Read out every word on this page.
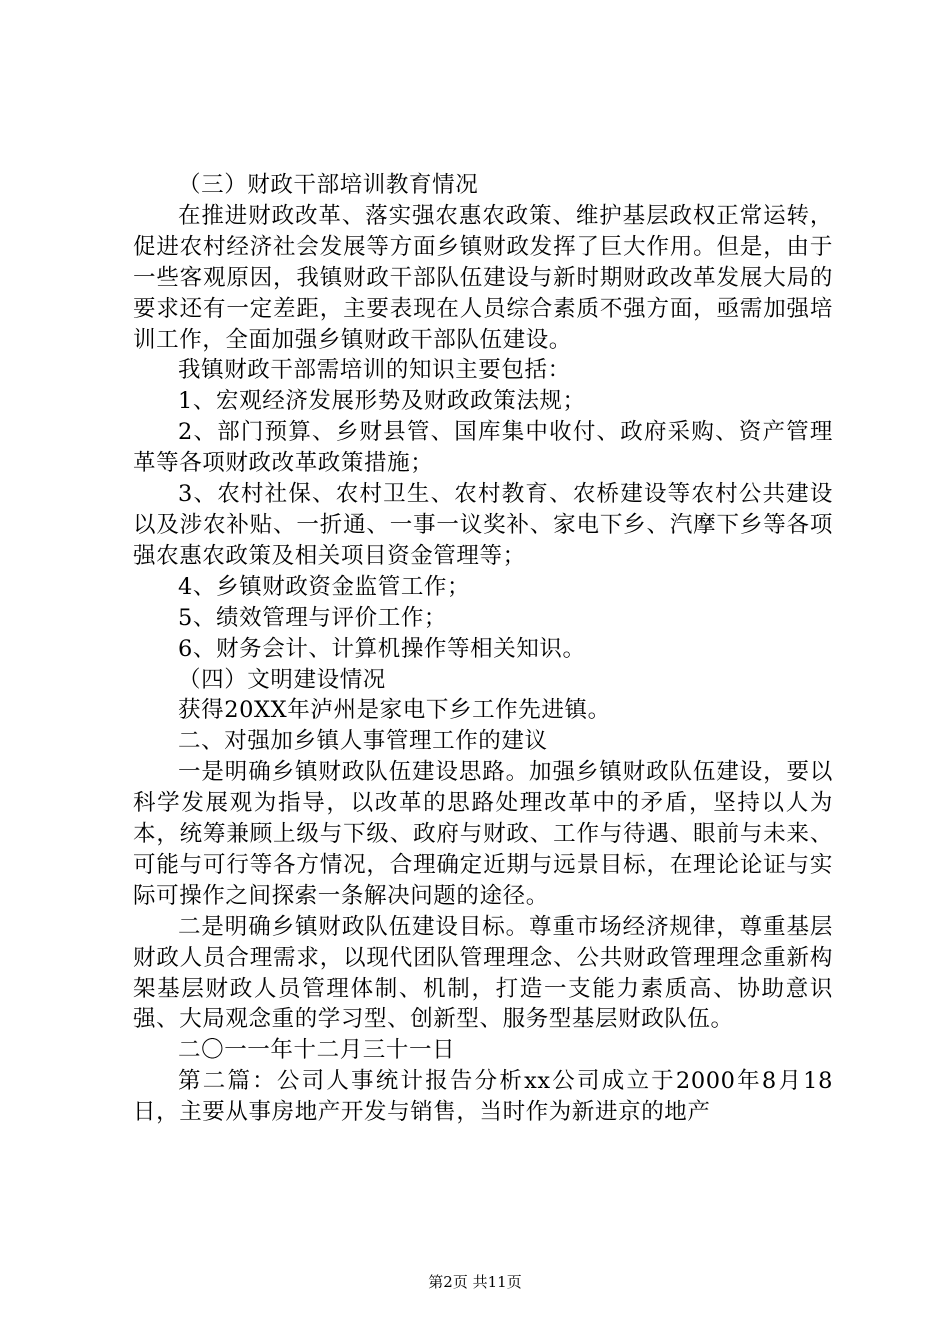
（三）财政干部培训教育情况

在推进财政改革、落实强农惠农政策、维护基层政权正常运转，促进农村经济社会发展等方面乡镇财政发挥了巨大作用。但是，由于一些客观原因，我镇财政干部队伍建设与新时期财政改革发展大局的要求还有一定差距，主要表现在人员综合素质不强方面，亟需加强培训工作，全面加强乡镇财政干部队伍建设。

我镇财政干部需培训的知识主要包括：

1、宏观经济发展形势及财政政策法规；

2、部门预算、乡财县管、国库集中收付、政府采购、资产管理革等各项财政改革政策措施；

3、农村社保、农村卫生、农村教育、农桥建设等农村公共建设以及涉农补贴、一折通、一事一议奖补、家电下乡、汽摩下乡等各项强农惠农政策及相关项目资金管理等；

4、乡镇财政资金监管工作；

5、绩效管理与评价工作；

6、财务会计、计算机操作等相关知识。

（四）文明建设情况

获得20XX年泸州是家电下乡工作先进镇。

二、对强加乡镇人事管理工作的建议

一是明确乡镇财政队伍建设思路。加强乡镇财政队伍建设，要以科学发展观为指导，以改革的思路处理改革中的矛盾，坚持以人为本，统筹兼顾上级与下级、政府与财政、工作与待遇、眼前与未来、可能与可行等各方情况，合理确定近期与远景目标，在理论论证与实际可操作之间探索一条解决问题的途径。

二是明确乡镇财政队伍建设目标。尊重市场经济规律，尊重基层财政人员合理需求，以现代团队管理理念、公共财政管理理念重新构架基层财政人员管理体制、机制，打造一支能力素质高、协助意识强、大局观念重的学习型、创新型、服务型基层财政队伍。

二〇一一年十二月三十一日

第二篇：公司人事统计报告分析xx公司成立于2000年8月18日，主要从事房地产开发与销售，当时作为新进京的地产

第2页 共11页
